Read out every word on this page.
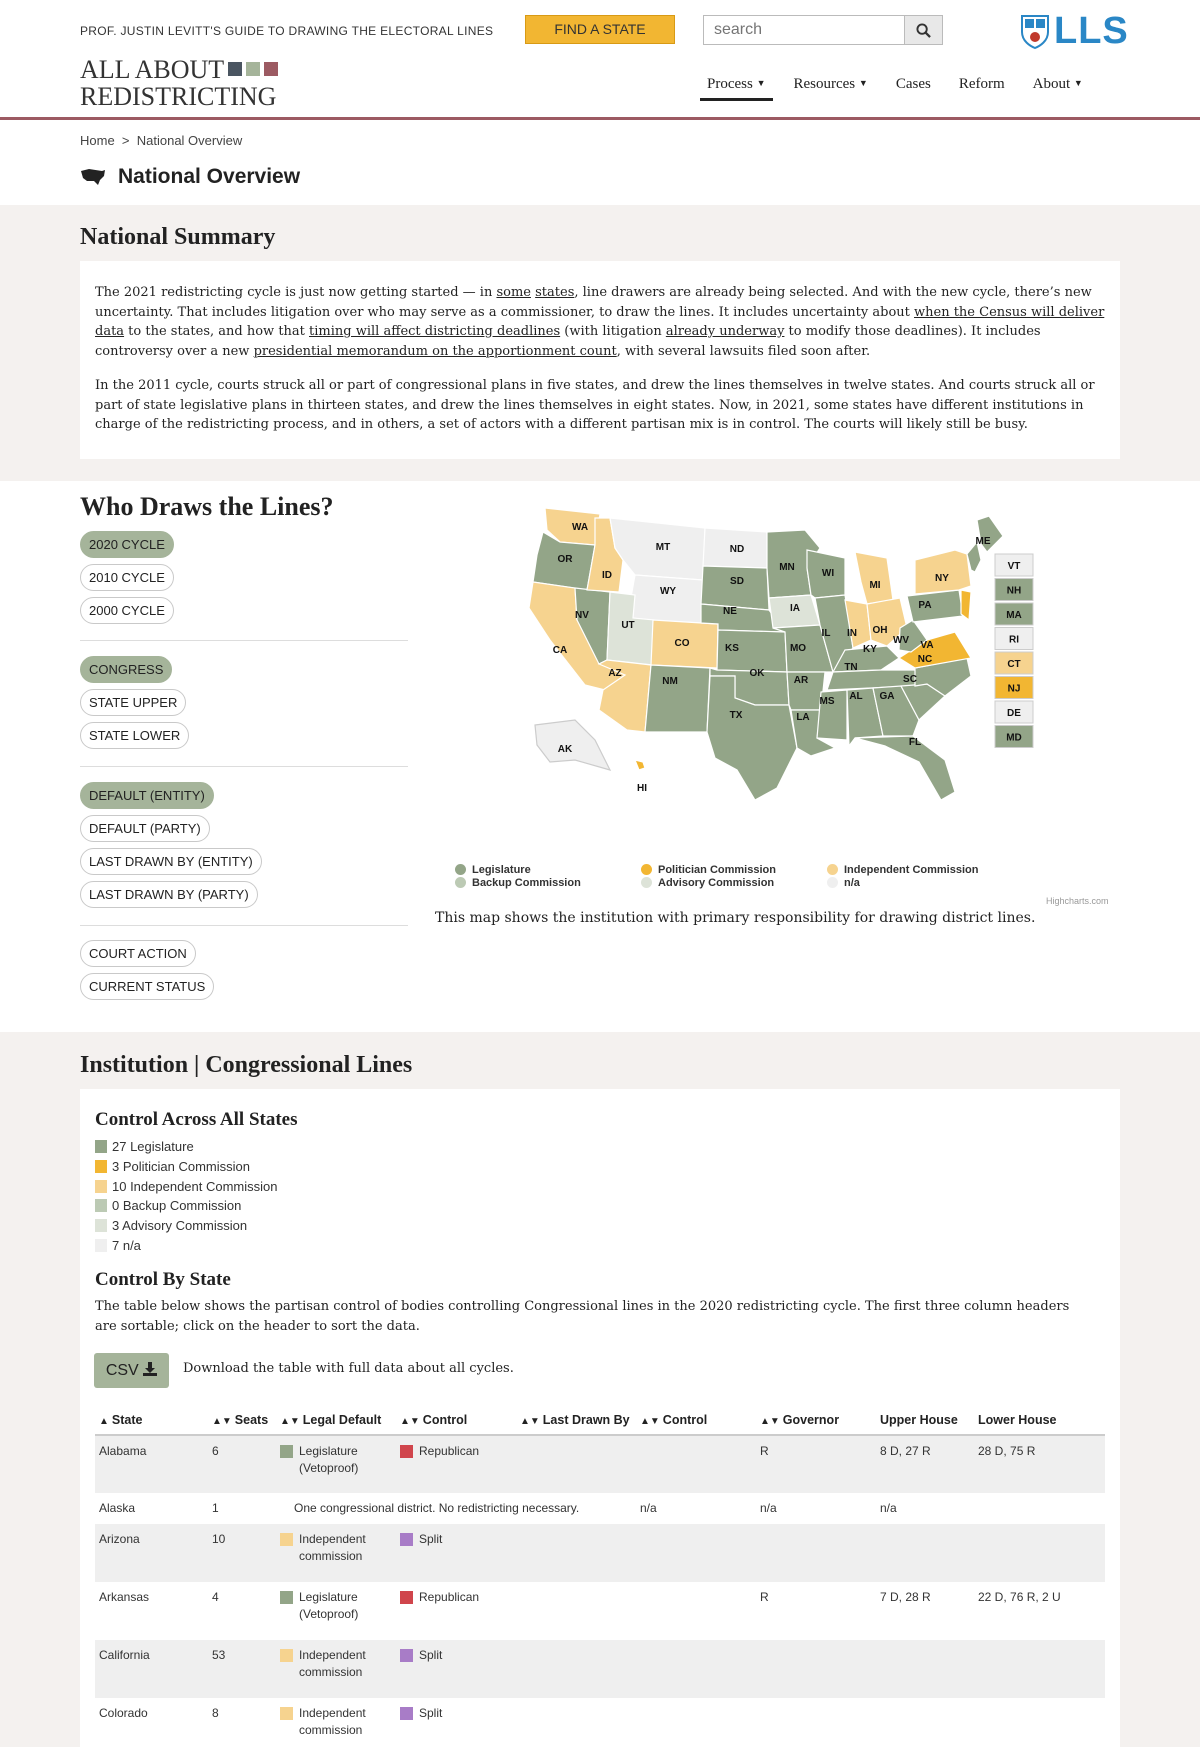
PROF. JUSTIN LEVITT'S GUIDE TO DRAWING THE ELECTORAL LINES	FIND A STATE
search	LLS
ALL ABOUT
REDISTRICTING	Process ▼	Resources ▼	Cases	Reform	About ▼
Home > National Overview
National Overview
National Summary

The 2021 redistricting cycle is just now getting started — in some states, line drawers are already being selected. And with the new cycle, there’s new uncertainty. That includes litigation over who may serve as a commissioner, to draw the lines. It includes uncertainty about when the Census will deliver data to the states, and how that timing will affect districting deadlines (with litigation already underway to modify those deadlines). It includes controversy over a new presidential memorandum on the apportionment count, with several lawsuits filed soon after.

In the 2011 cycle, courts struck all or part of congressional plans in five states, and drew the lines themselves in twelve states. And courts struck all or part of state legislative plans in thirteen states, and drew the lines themselves in eight states. Now, in 2021, some states have different institutions in charge of the redistricting process, and in others, a set of actors with a different partisan mix is in control. The courts will likely still be busy.

Who Draws the Lines?
2020 CYCLE
2010 CYCLE
2000 CYCLE
CONGRESS
STATE UPPER
STATE LOWER
DEFAULT (ENTITY)
DEFAULT (PARTY)
LAST DRAWN BY (ENTITY)
LAST DRAWN BY (PARTY)
COURT ACTION
CURRENT STATUS
WA
MT	ND
MN
ME
OR
ID
WY
SD
WI
MI
NY
NV	NE	IA	PA
UT
CO
IL IN OH
CA	KS	MO
WV
KY	VA
TN
NC
AZ
NM
OK
AR	SC
MS AL GA
TX	LA
FL
AK
HI
VT
NH
MA
RI
CT
NJ
DE
MD
Legislature
Backup Commission
Politician Commission
Advisory Commission
Independent Commission
n/a
Highcharts.com
This map shows the institution with primary responsibility for drawing district lines.
Institution | Congressional Lines
Control Across All States
27 Legislature
3 Politician Commission
10 Independent Commission
0 Backup Commission
3 Advisory Commission
7 n/a
Control By State
The table below shows the partisan control of bodies controlling Congressional lines in the 2020 redistricting cycle. The first three column headers are sortable; click on the header to sort the data.
CSV	Download the table with full data about all cycles.
▲ State	▲▼ Seats	▲▼ Legal Default	▲▼ Control	▲▼ Last Drawn By	▲▼ Control	▲▼ Governor	Upper House	Lower House
Alabama	6	Legislature (Vetoproof)	Republican			R	8 D, 27 R	28 D, 75 R
Alaska	1	One congressional district. No redistricting necessary.			n/a	n/a	n/a	
Arizona	10	Independent commission	Split					

Arkansas	4	Legislature (Vetoproof)	Republican			R	7 D, 28 R	22 D, 76 R, 2 U
California	53	Independent commission	Split					

Colorado	8	Independent commission	Split					
